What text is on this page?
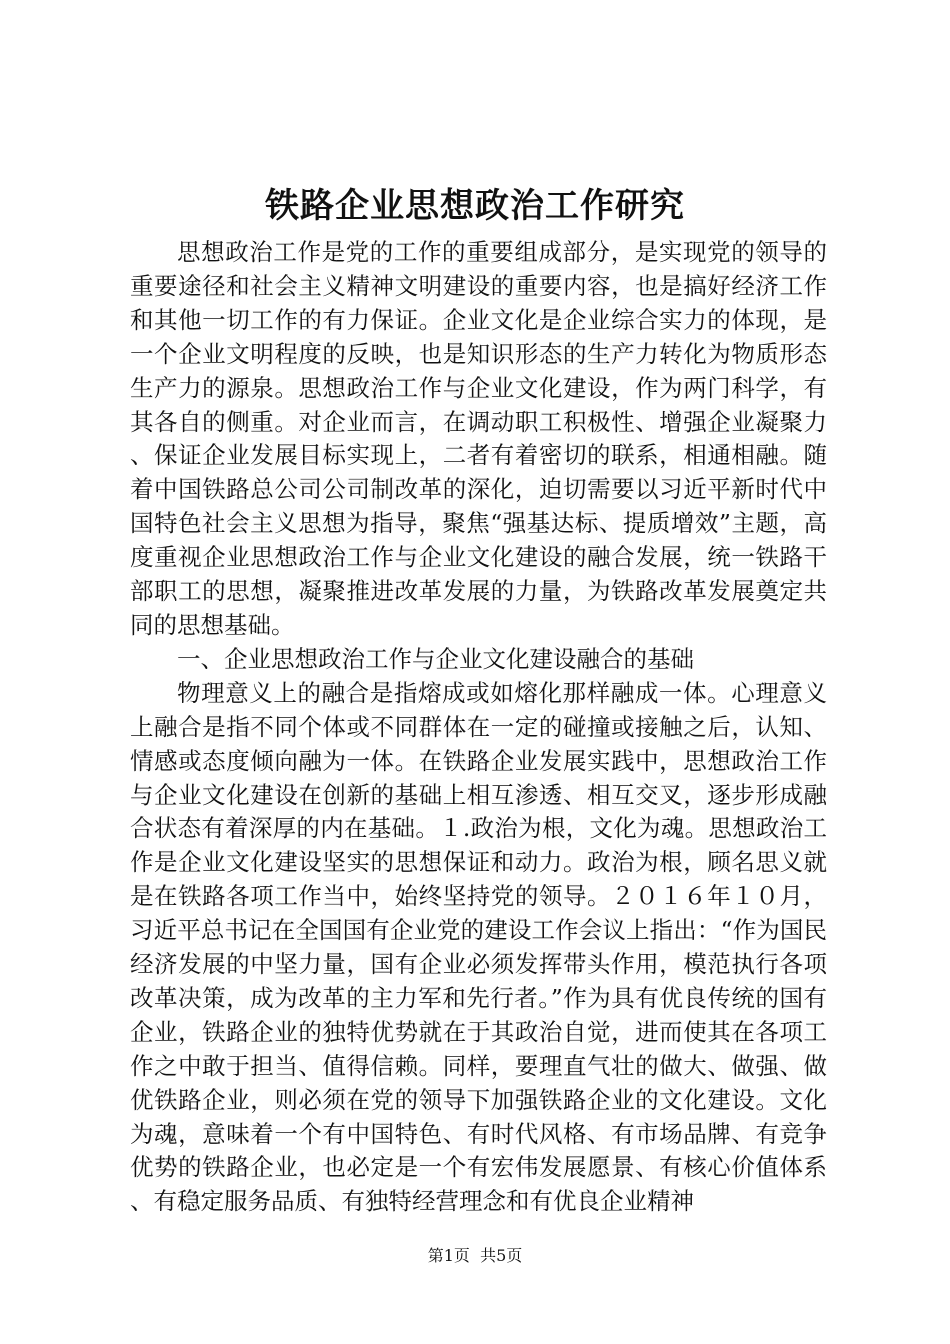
铁路企业思想政治工作研究

思想政治工作是党的工作的重要组成部分，是实现党的领导的重要途径和社会主义精神文明建设的重要内容，也是搞好经济工作和其他一切工作的有力保证。企业文化是企业综合实力的体现，是一个企业文明程度的反映，也是知识形态的生产力转化为物质形态生产力的源泉。思想政治工作与企业文化建设，作为两门科学，有其各自的侧重。对企业而言，在调动职工积极性、增强企业凝聚力、保证企业发展目标实现上，二者有着密切的联系，相通相融。随着中国铁路总公司公司制改革的深化，迫切需要以习近平新时代中国特色社会主义思想为指导，聚焦“强基达标、提质增效”主题，高度重视企业思想政治工作与企业文化建设的融合发展，统一铁路干部职工的思想，凝聚推进改革发展的力量，为铁路改革发展奠定共同的思想基础。

一、企业思想政治工作与企业文化建设融合的基础

物理意义上的融合是指熔成或如熔化那样融成一体。心理意义上融合是指不同个体或不同群体在一定的碰撞或接触之后，认知、情感或态度倾向融为一体。在铁路企业发展实践中，思想政治工作与企业文化建设在创新的基础上相互渗透、相互交叉，逐步形成融合状态有着深厚的内在基础。１.政治为根，文化为魂。思想政治工作是企业文化建设坚实的思想保证和动力。政治为根，顾名思义就是在铁路各项工作当中，始终坚持党的领导。２０１６年１０月，习近平总书记在全国国有企业党的建设工作会议上指出：“作为国民经济发展的中坚力量，国有企业必须发挥带头作用，模范执行各项改革决策，成为改革的主力军和先行者。”作为具有优良传统的国有企业，铁路企业的独特优势就在于其政治自觉，进而使其在各项工作之中敢于担当、值得信赖。同样，要理直气壮的做大、做强、做优铁路企业，则必须在党的领导下加强铁路企业的文化建设。文化为魂，意味着一个有中国特色、有时代风格、有市场品牌、有竞争优势的铁路企业，也必定是一个有宏伟发展愿景、有核心价值体系、有稳定服务品质、有独特经营理念和有优良企业精神

第1页 共5页
